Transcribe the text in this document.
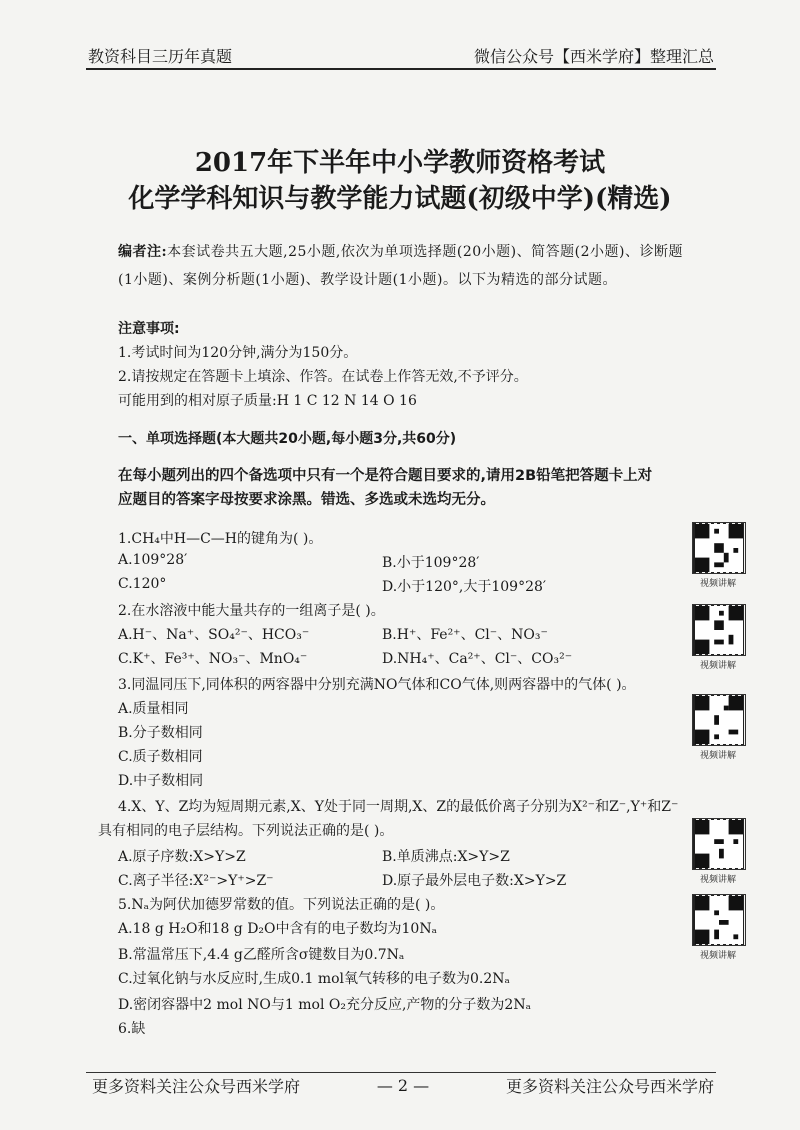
教资科目三历年真题	微信公众号【西米学府】整理汇总
2017年下半年中小学教师资格考试
化学学科知识与教学能力试题(初级中学)(精选)
编者注:本套试卷共五大题,25小题,依次为单项选择题(20小题)、简答题(2小题)、诊断题(1小题)、案例分析题(1小题)、教学设计题(1小题)。以下为精选的部分试题。
注意事项:
1.考试时间为120分钟,满分为150分。
2.请按规定在答题卡上填涂、作答。在试卷上作答无效,不予评分。
可能用到的相对原子质量:H 1 C 12 N 14 O 16
一、单项选择题(本大题共20小题,每小题3分,共60分)
在每小题列出的四个备选项中只有一个是符合题目要求的,请用2B铅笔把答题卡上对
应题目的答案字母按要求涂黑。错选、多选或未选均无分。
1.CH₄中H—C—H的键角为( )。
A.109°28′	B.小于109°28′
C.120°	D.小于120°,大于109°28′
2.在水溶液中能大量共存的一组离子是( )。
A.H⁻、Na⁺、SO₄²⁻、HCO₃⁻	B.H⁺、Fe²⁺、Cl⁻、NO₃⁻
C.K⁺、Fe³⁺、NO₃⁻、MnO₄⁻	D.NH₄⁺、Ca²⁺、Cl⁻、CO₃²⁻
3.同温同压下,同体积的两容器中分别充满NO气体和CO气体,则两容器中的气体( )。
A.质量相同
B.分子数相同
C.质子数相同
D.中子数相同
4.X、Y、Z均为短周期元素,X、Y处于同一周期,X、Z的最低价离子分别为X²⁻和Z⁻,Y⁺和Z⁻
具有相同的电子层结构。下列说法正确的是( )。
A.原子序数:X>Y>Z	B.单质沸点:X>Y>Z
C.离子半径:X²⁻>Y⁺>Z⁻	D.原子最外层电子数:X>Y>Z
5.Nₐ为阿伏加德罗常数的值。下列说法正确的是( )。
A.18 g H₂O和18 g D₂O中含有的电子数均为10Nₐ
B.常温常压下,4.4 g乙醛所含σ键数目为0.7Nₐ
C.过氧化钠与水反应时,生成0.1 mol氧气转移的电子数为0.2Nₐ
D.密闭容器中2 mol NO与1 mol O₂充分反应,产物的分子数为2Nₐ
6.缺
视频讲解
视频讲解
视频讲解
视频讲解
视频讲解
更多资料关注公众号西米学府	— 2 —	更多资料关注公众号西米学府
